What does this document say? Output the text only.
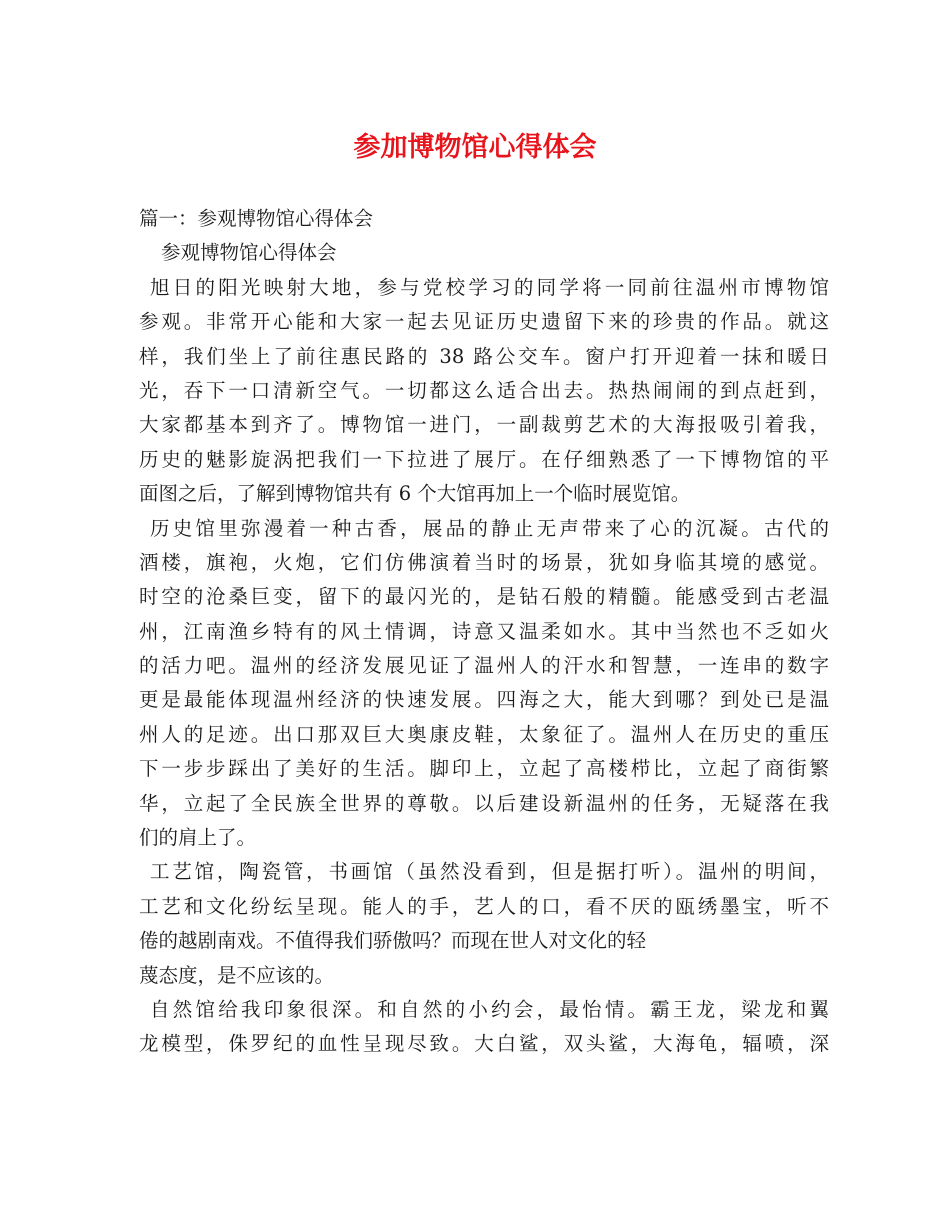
参加博物馆心得体会
篇一：参观博物馆心得体会
参观博物馆心得体会
旭日的阳光映射大地，参与党校学习的同学将一同前往温州市博物馆
参观。非常开心能和大家一起去见证历史遗留下来的珍贵的作品。就这
样，我们坐上了前往惠民路的 38 路公交车。窗户打开迎着一抹和暖日
光，吞下一口清新空气。一切都这么适合出去。热热闹闹的到点赶到，
大家都基本到齐了。博物馆一进门，一副裁剪艺术的大海报吸引着我，
历史的魅影旋涡把我们一下拉进了展厅。在仔细熟悉了一下博物馆的平
面图之后，了解到博物馆共有 6 个大馆再加上一个临时展览馆。
历史馆里弥漫着一种古香，展品的静止无声带来了心的沉凝。古代的
酒楼，旗袍，火炮，它们仿佛演着当时的场景，犹如身临其境的感觉。
时空的沧桑巨变，留下的最闪光的，是钻石般的精髓。能感受到古老温
州，江南渔乡特有的风土情调，诗意又温柔如水。其中当然也不乏如火
的活力吧。温州的经济发展见证了温州人的汗水和智慧，一连串的数字
更是最能体现温州经济的快速发展。四海之大，能大到哪？到处已是温
州人的足迹。出口那双巨大奥康皮鞋，太象征了。温州人在历史的重压
下一步步踩出了美好的生活。脚印上，立起了高楼栉比，立起了商街繁
华，立起了全民族全世界的尊敬。以后建设新温州的任务，无疑落在我
们的肩上了。
工艺馆，陶瓷管，书画馆（虽然没看到，但是据打听）。温州的明间，
工艺和文化纷纭呈现。能人的手，艺人的口，看不厌的瓯绣墨宝，听不
倦的越剧南戏。不值得我们骄傲吗？而现在世人对文化的轻
蔑态度，是不应该的。
自然馆给我印象很深。和自然的小约会，最怡情。霸王龙，梁龙和翼
龙模型，侏罗纪的血性呈现尽致。大白鲨，双头鲨，大海龟，辐喷，深
